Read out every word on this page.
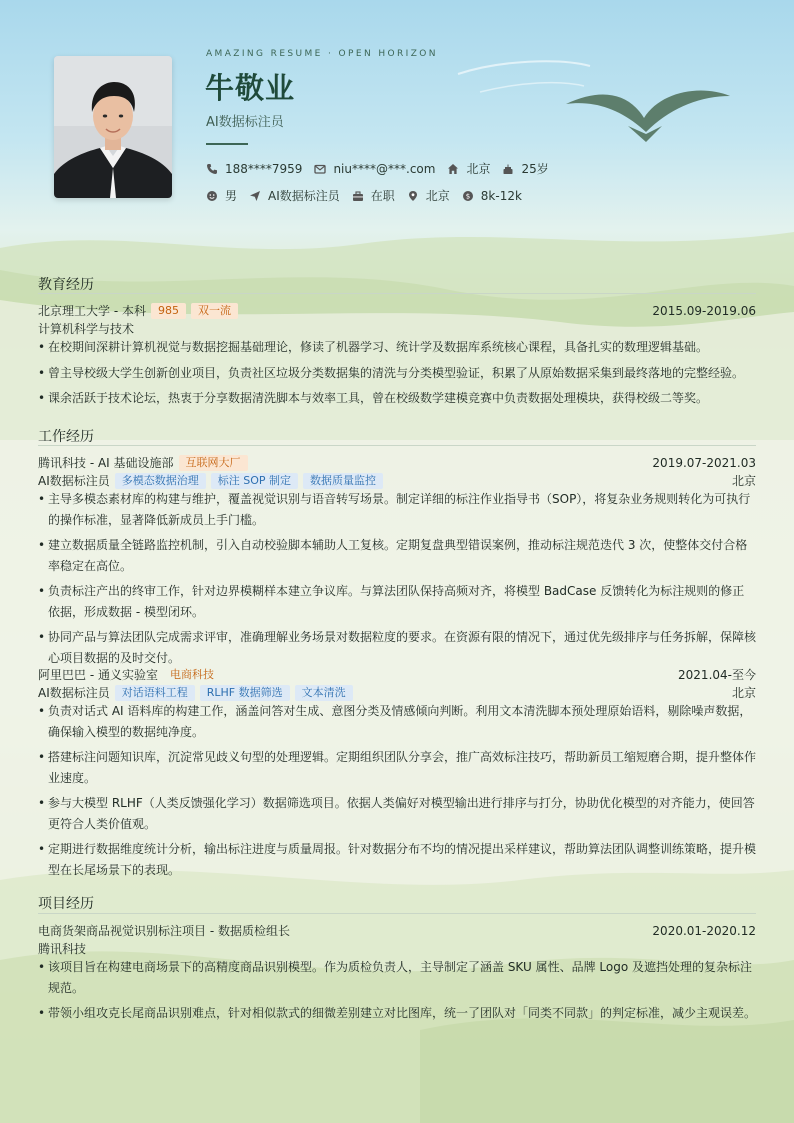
AMAZING RESUME · OPEN HORIZON
牛敬业
AI数据标注员
188****7959	niu****@***.com	北京	25岁
男	AI数据标注员	在职	北京 $ 8k-12k
教育经历
北京理工大学 - 本科	985	双一流	2015.09-2019.06
计算机科学与技术
• 在校期间深耕计算机视觉与数据挖掘基础理论，修读了机器学习、统计学及数据库系统核心课程，具备扎实的数理逻辑基础。
• 曾主导校级大学生创新创业项目，负责社区垃圾分类数据集的清洗与分类模型验证，积累了从原始数据采集到最终落地的完整经验。
• 课余活跃于技术论坛，热衷于分享数据清洗脚本与效率工具，曾在校级数学建模竞赛中负责数据处理模块，获得校级二等奖。
工作经历
腾讯科技 - AI 基础设施部	互联网大厂	2019.07-2021.03
AI数据标注员	多模态数据治理	标注 SOP 制定	数据质量监控	北京
• 主导多模态素材库的构建与维护，覆盖视觉识别与语音转写场景。制定详细的标注作业指导书（SOP），将复杂业务规则转化为可执行的操作标准，显著降低新成员上手门槛。
• 建立数据质量全链路监控机制，引入自动校验脚本辅助人工复核。定期复盘典型错误案例，推动标注规范迭代 3 次，使整体交付合格率稳定在高位。
• 负责标注产出的终审工作，针对边界模糊样本建立争议库。与算法团队保持高频对齐，将模型 BadCase 反馈转化为标注规则的修正依据，形成数据 - 模型闭环。
• 协同产品与算法团队完成需求评审，准确理解业务场景对数据粒度的要求。在资源有限的情况下，通过优先级排序与任务拆解，保障核心项目数据的及时交付。
阿里巴巴 - 通义实验室	电商科技	2021.04-至今
AI数据标注员	对话语料工程	RLHF 数据筛选	文本清洗	北京
• 负责对话式 AI 语料库的构建工作，涵盖问答对生成、意图分类及情感倾向判断。利用文本清洗脚本预处理原始语料，剔除噪声数据，确保输入模型的数据纯净度。
• 搭建标注问题知识库，沉淀常见歧义句型的处理逻辑。定期组织团队分享会，推广高效标注技巧，帮助新员工缩短磨合期，提升整体作业速度。
• 参与大模型 RLHF（人类反馈强化学习）数据筛选项目。依据人类偏好对模型输出进行排序与打分，协助优化模型的对齐能力，使回答更符合人类价值观。
• 定期进行数据维度统计分析，输出标注进度与质量周报。针对数据分布不均的情况提出采样建议，帮助算法团队调整训练策略，提升模型在长尾场景下的表现。
项目经历
电商货架商品视觉识别标注项目 - 数据质检组长	2020.01-2020.12
腾讯科技
• 该项目旨在构建电商场景下的高精度商品识别模型。作为质检负责人，主导制定了涵盖 SKU 属性、品牌 Logo 及遮挡处理的复杂标注规范。
• 带领小组攻克长尾商品识别难点，针对相似款式的细微差别建立对比图库，统一了团队对「同类不同款」的判定标准，减少主观误差。
